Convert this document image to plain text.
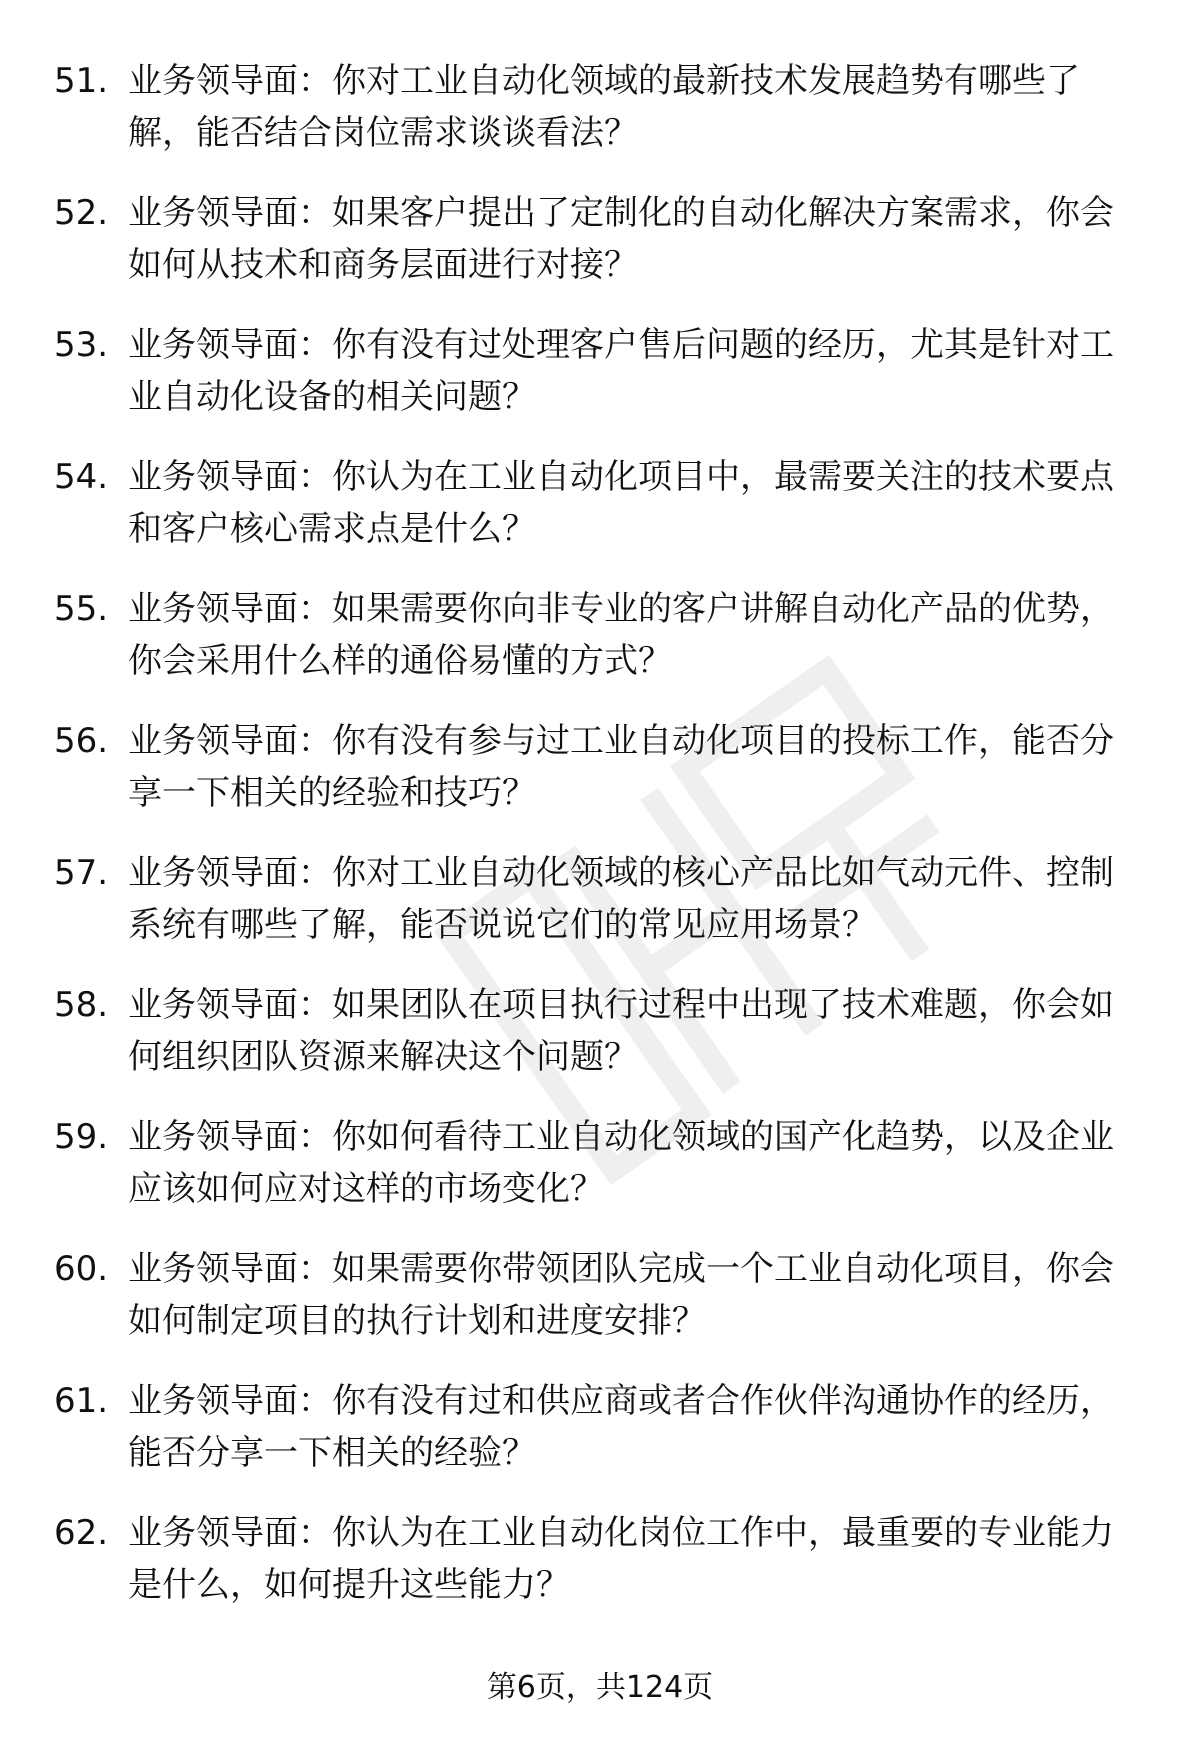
51. 业务领导面：你对工业自动化领域的最新技术发展趋势有哪些了解，能否结合岗位需求谈谈看法？
52. 业务领导面：如果客户提出了定制化的自动化解决方案需求，你会如何从技术和商务层面进行对接？
53. 业务领导面：你有没有过处理客户售后问题的经历，尤其是针对工业自动化设备的相关问题？
54. 业务领导面：你认为在工业自动化项目中，最需要关注的技术要点和客户核心需求点是什么？
55. 业务领导面：如果需要你向非专业的客户讲解自动化产品的优势，你会采用什么样的通俗易懂的方式？
56. 业务领导面：你有没有参与过工业自动化项目的投标工作，能否分享一下相关的经验和技巧？
57. 业务领导面：你对工业自动化领域的核心产品比如气动元件、控制系统有哪些了解，能否说说它们的常见应用场景？
58. 业务领导面：如果团队在项目执行过程中出现了技术难题，你会如何组织团队资源来解决这个问题？
59. 业务领导面：你如何看待工业自动化领域的国产化趋势，以及企业应该如何应对这样的市场变化？
60. 业务领导面：如果需要你带领团队完成一个工业自动化项目，你会如何制定项目的执行计划和进度安排？
61. 业务领导面：你有没有过和供应商或者合作伙伴沟通协作的经历，能否分享一下相关的经验？
62. 业务领导面：你认为在工业自动化岗位工作中，最重要的专业能力是什么，如何提升这些能力？
第6页，共124页
